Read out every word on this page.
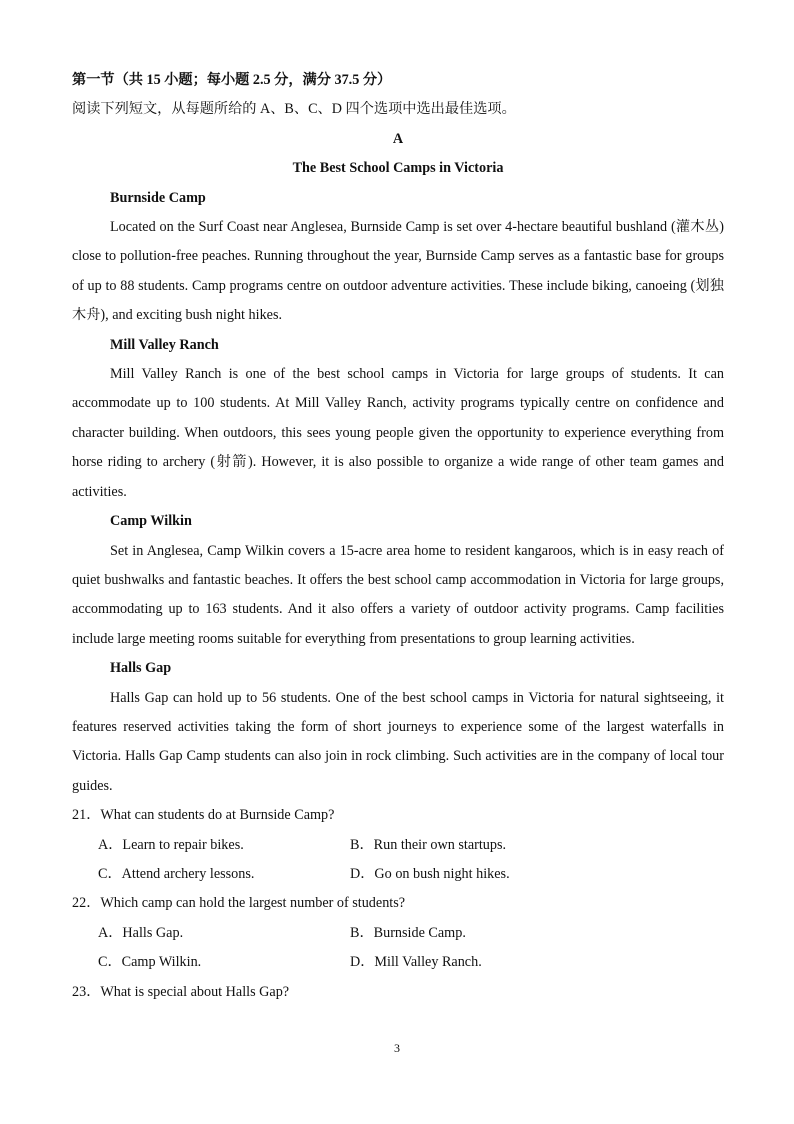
第一节（共 15 小题；每小题 2.5 分，满分 37.5 分）

阅读下列短文，从每题所给的 A、B、C、D 四个选项中选出最佳选项。

A

The Best School Camps in Victoria

Burnside Camp

Located on the Surf Coast near Anglesea, Burnside Camp is set over 4-hectare beautiful bushland (灌木丛) close to pollution-free peaches. Running throughout the year, Burnside Camp serves as a fantastic base for groups of up to 88 students. Camp programs centre on outdoor adventure activities. These include biking, canoeing (划独木舟), and exciting bush night hikes.

Mill Valley Ranch

Mill Valley Ranch is one of the best school camps in Victoria for large groups of students. It can accommodate up to 100 students. At Mill Valley Ranch, activity programs typically centre on confidence and character building. When outdoors, this sees young people given the opportunity to experience everything from horse riding to archery (射箭). However, it is also possible to organize a wide range of other team games and activities.

Camp Wilkin

Set in Anglesea, Camp Wilkin covers a 15-acre area home to resident kangaroos, which is in easy reach of quiet bushwalks and fantastic beaches. It offers the best school camp accommodation in Victoria for large groups, accommodating up to 163 students. And it also offers a variety of outdoor activity programs. Camp facilities include large meeting rooms suitable for everything from presentations to group learning activities.

Halls Gap

Halls Gap can hold up to 56 students. One of the best school camps in Victoria for natural sightseeing, it features reserved activities taking the form of short journeys to experience some of the largest waterfalls in Victoria. Halls Gap Camp students can also join in rock climbing. Such activities are in the company of local tour guides.

21．What can students do at Burnside Camp?

A．Learn to repair bikes.	B．Run their own startups.
C．Attend archery lessons.	D．Go on bush night hikes.

22．Which camp can hold the largest number of students?

A．Halls Gap.	B．Burnside Camp.
C．Camp Wilkin.	D．Mill Valley Ranch.

23．What is special about Halls Gap?

3
